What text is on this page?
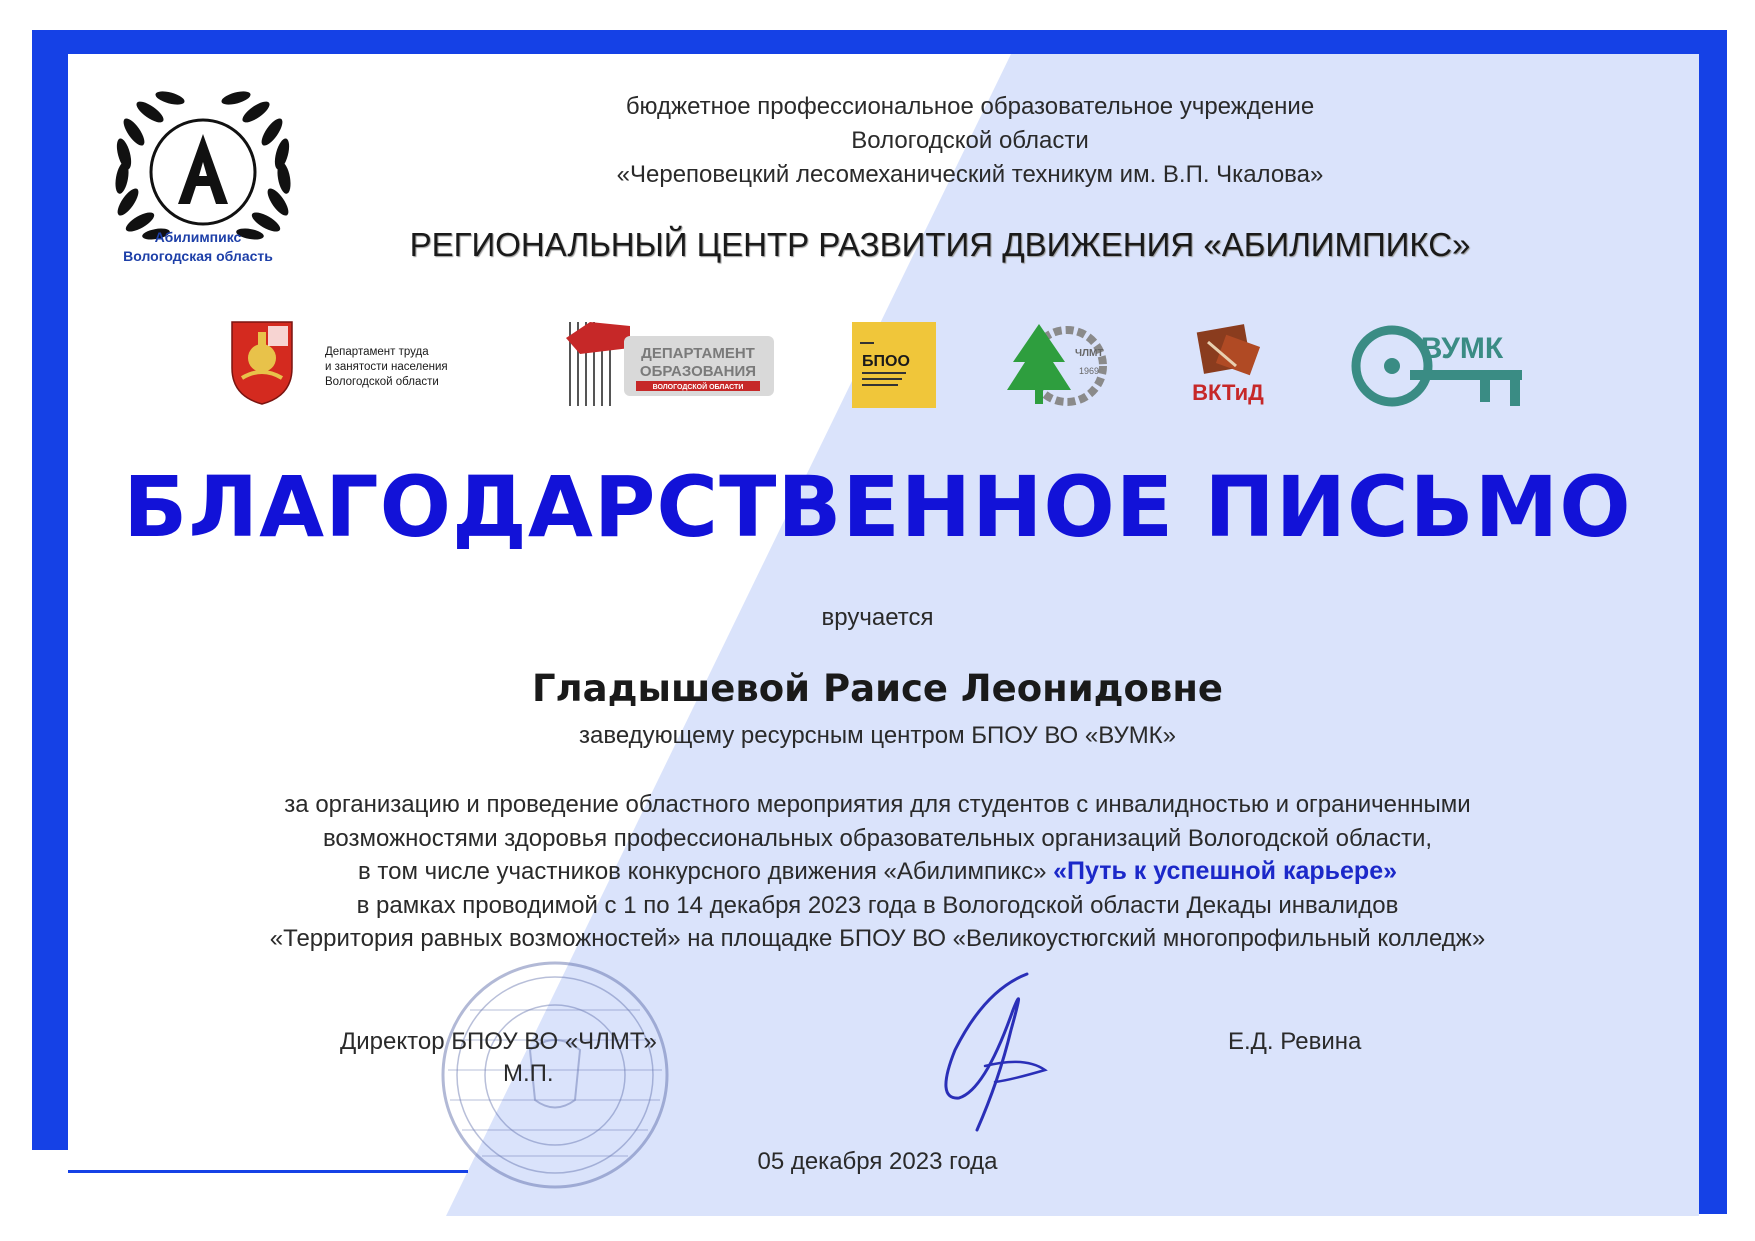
Абилимпикс
Вологодская область
бюджетное профессиональное образовательное учреждение
Вологодской области
«Череповецкий лесомеханический техникум им. В.П. Чкалова»
РЕГИОНАЛЬНЫЙ ЦЕНТР РАЗВИТИЯ ДВИЖЕНИЯ «АБИЛИМПИКС»
Департамент труда
и занятости населения
Вологодской области
ДЕПАРТАМЕНТ
ОБРАЗОВАНИЯ
ВОЛОГОДСКОЙ ОБЛАСТИ
БПОО	ЧЛМТ
1969
ВКТиД
ВУМК
БЛАГОДАРСТВЕННОЕ ПИСЬМО
вручается
Гладышевой Раисе Леонидовне
заведующему ресурсным центром БПОУ ВО «ВУМК»
за организацию и проведение областного мероприятия для студентов с инвалидностью и ограниченными
возможностями здоровья профессиональных образовательных организаций Вологодской области,
в том числе участников конкурсного движения «Абилимпикс» «Путь к успешной карьере»
в рамках проводимой с 1 по 14 декабря 2023 года в Вологодской области Декады инвалидов
«Территория равных возможностей» на площадке БПОУ ВО «Великоустюгский многопрофильный колледж»
Директор БПОУ ВО «ЧЛМТ»
М.П.
Е.Д. Ревина
05 декабря 2023 года
